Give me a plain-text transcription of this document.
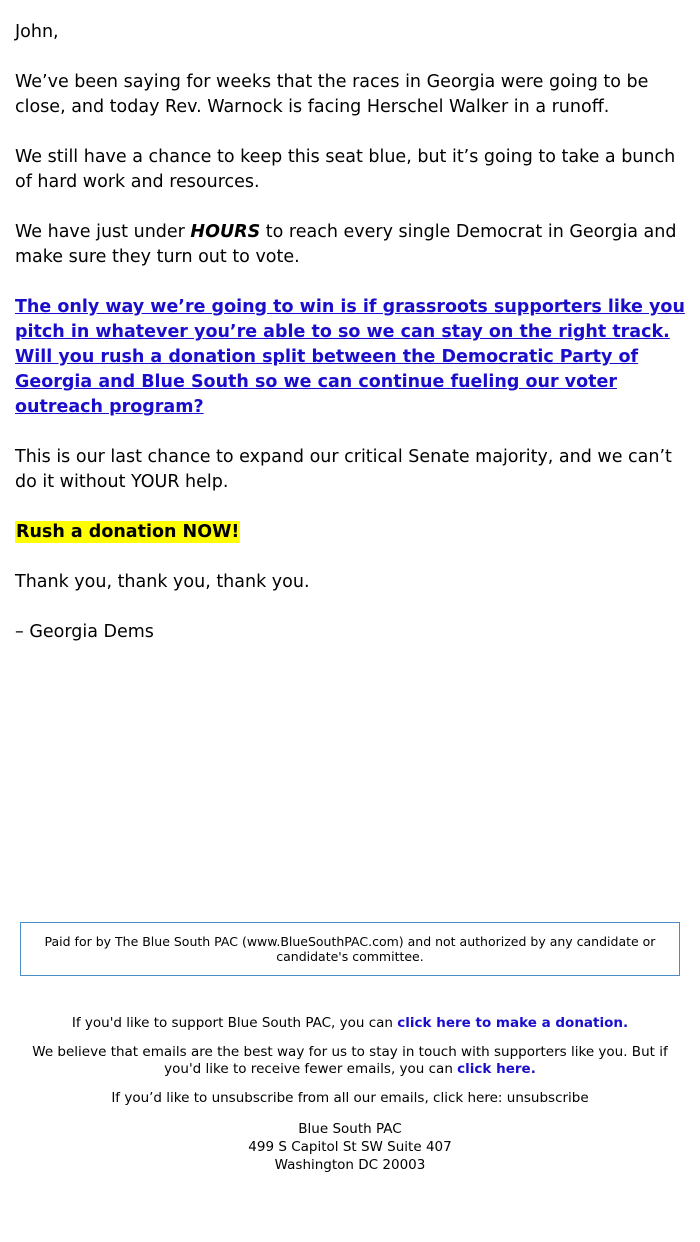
John,

We’ve been saying for weeks that the races in Georgia were going to be close, and today Rev. Warnock is facing Herschel Walker in a runoff.

We still have a chance to keep this seat blue, but it’s going to take a bunch of hard work and resources.

We have just under HOURS to reach every single Democrat in Georgia and make sure they turn out to vote.

The only way we’re going to win is if grassroots supporters like you pitch in whatever you’re able to so we can stay on the right track. Will you rush a donation split between the Democratic Party of Georgia and Blue South so we can continue fueling our voter outreach program?

This is our last chance to expand our critical Senate majority, and we can’t do it without YOUR help.

Rush a donation NOW!

Thank you, thank you, thank you.

– Georgia Dems

Paid for by The Blue South PAC (www.BlueSouthPAC.com) and not authorized by any candidate or candidate's committee.

If you'd like to support Blue South PAC, you can click here to make a donation.

We believe that emails are the best way for us to stay in touch with supporters like you. But if you'd like to receive fewer emails, you can click here.

If you’d like to unsubscribe from all our emails, click here: unsubscribe

Blue South PAC
499 S Capitol St SW Suite 407
Washington DC 20003
